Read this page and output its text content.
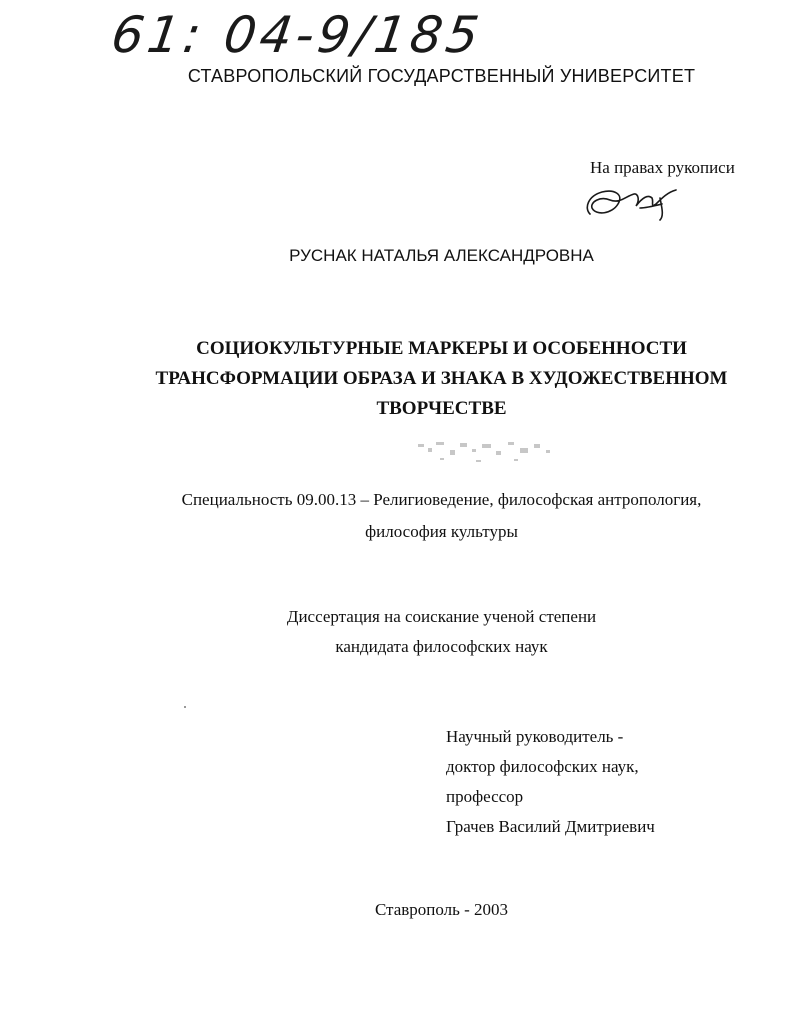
61: 04-9/185
СТАВРОПОЛЬСКИЙ ГОСУДАРСТВЕННЫЙ УНИВЕРСИТЕТ
На правах рукописи
РУСНАК НАТАЛЬЯ АЛЕКСАНДРОВНА
СОЦИОКУЛЬТУРНЫЕ МАРКЕРЫ И ОСОБЕННОСТИ
ТРАНСФОРМАЦИИ ОБРАЗА И ЗНАКА В ХУДОЖЕСТВЕННОМ
ТВОРЧЕСТВЕ
Специальность 09.00.13 – Религиоведение, философская антропология,
философия культуры
Диссертация на соискание ученой степени
кандидата философских наук
Научный руководитель -
доктор философских наук,
профессор
Грачев Василий Дмитриевич
Ставрополь - 2003
